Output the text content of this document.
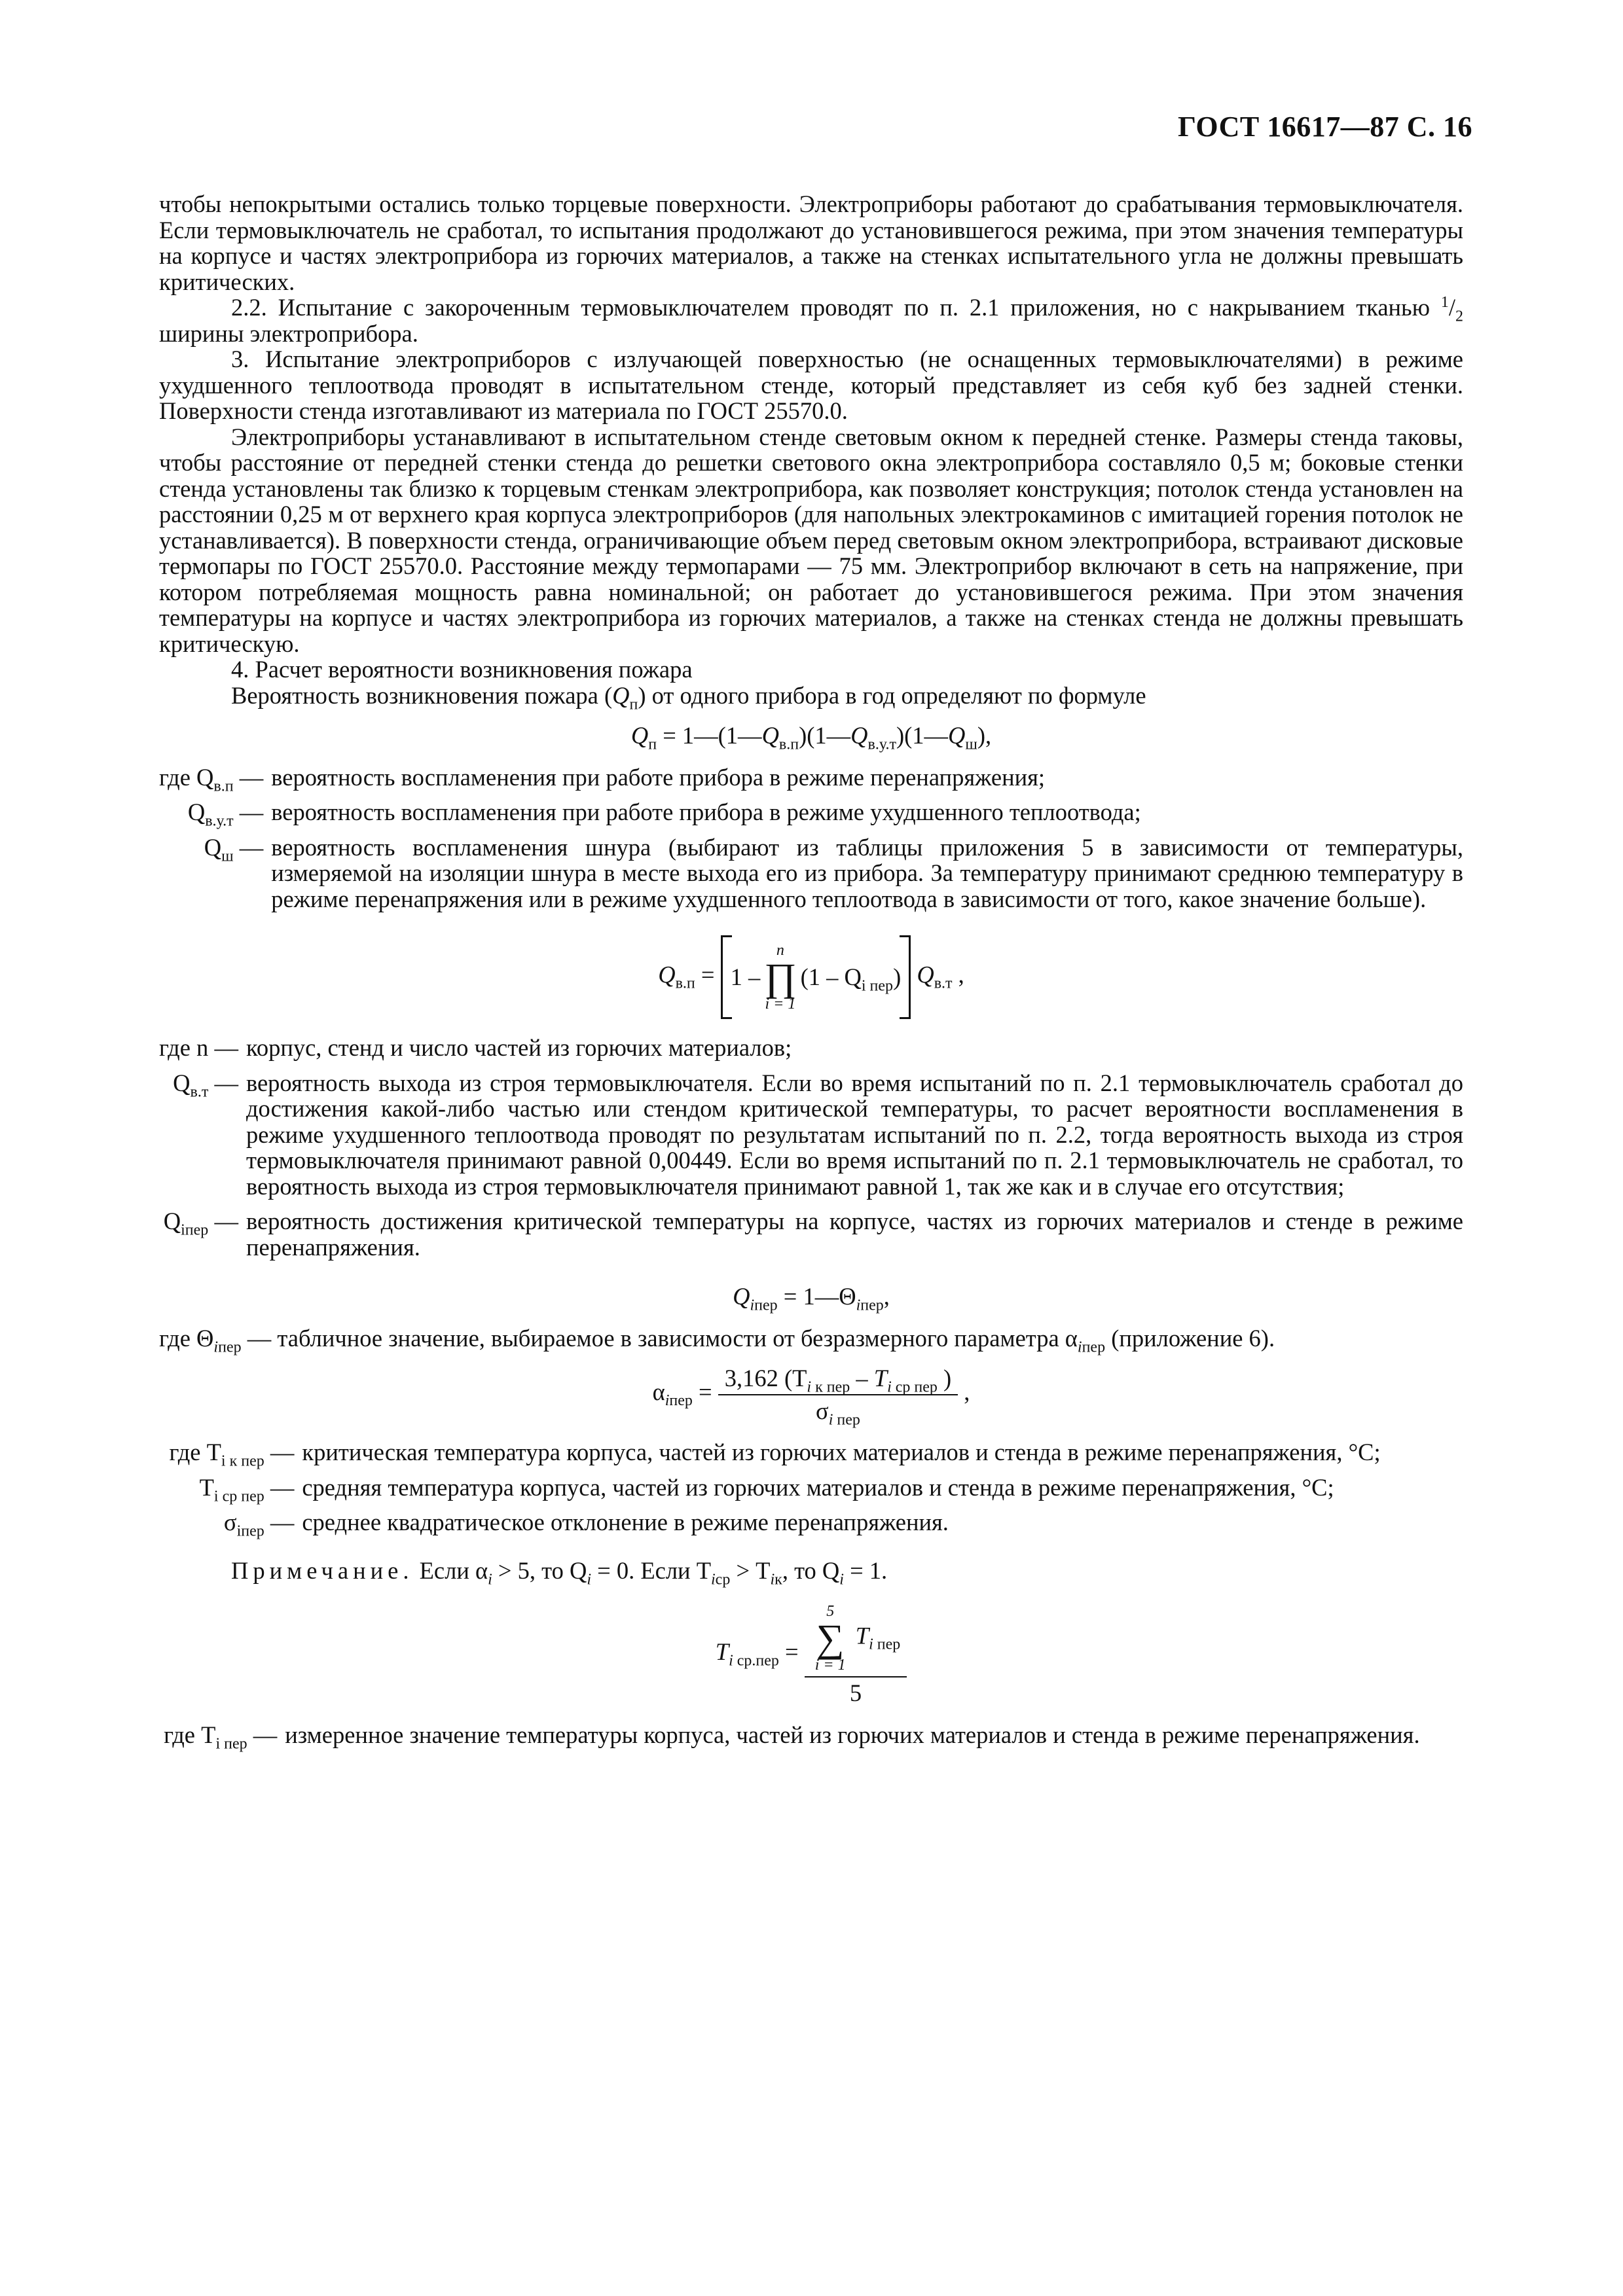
ГОСТ 16617—87 С. 16

чтобы непокрытыми остались только торцевые поверхности. Электроприборы работают до срабатывания термовыключателя. Если термовыключатель не сработал, то испытания продолжают до установившегося режима, при этом значения температуры на корпусе и частях электроприбора из горючих материалов, а также на стенках испытательного угла не должны превышать критических.

2.2. Испытание с закороченным термовыключателем проводят по п. 2.1 приложения, но с накрыванием тканью $^1/_2$ ширины электроприбора.

3. Испытание электроприборов с излучающей поверхностью (не оснащенных термовыключателями) в режиме ухудшенного теплоотвода проводят в испытательном стенде, который представляет из себя куб без задней стенки. Поверхности стенда изготавливают из материала по ГОСТ 25570.0.

Электроприборы устанавливают в испытательном стенде световым окном к передней стенке. Размеры стенда таковы, чтобы расстояние от передней стенки стенда до решетки светового окна электроприбора составляло 0,5 м; боковые стенки стенда установлены так близко к торцевым стенкам электроприбора, как позволяет конструкция; потолок стенда установлен на расстоянии 0,25 м от верхнего края корпуса электроприборов (для напольных электрокаминов с имитацией горения потолок не устанавливается). В поверхности стенда, ограничивающие объем перед световым окном электроприбора, встраивают дисковые термопары по ГОСТ 25570.0. Расстояние между термопарами — 75 мм. Электроприбор включают в сеть на напряжение, при котором потребляемая мощность равна номинальной; он работает до установившегося режима. При этом значения температуры на корпусе и частях электроприбора из горючих материалов, а также на стенках стенда не должны превышать критическую.

4. Расчет вероятности возникновения пожара

Вероятность возникновения пожара $(Q_п)$ от одного прибора в год определяют по формуле

$Q_п$ = $1—(1—Q_{в.п})(1—Q_{в.у.т})(1—Q_ш)$,

где $Q_{в.п}$ —	вероятность воспламенения при работе прибора в режиме перенапряжения;
$Q_{в.у.т}$ —	вероятность воспламенения при работе прибора в режиме ухудшенного теплоотвода;
$Q_ш$ —	вероятность воспламенения шнура (выбирают из таблицы приложения 5 в зависимости от температуры, измеряемой на изоляции шнура в месте выхода его из прибора. За температуру принимают среднюю температуру в режиме перенапряжения или в режиме ухудшенного теплоотвода в зависимости от того, какое значение больше).

$Q_{в.п} = 1$ –
n
∏
i = 1
$(1 - Q_{i пер})$ $Q_{в.т}$ ,

где n —	корпус, стенд и число частей из горючих материалов;
$Q_{в.т}$ —	вероятность выхода из строя термовыключателя. Если во время испытаний по п. 2.1 термовыключатель сработал до достижения какой-либо частью или стендом критической температуры, то расчет вероятности воспламенения в режиме ухудшенного теплоотвода проводят по результатам испытаний по п. 2.2, тогда вероятность выхода из строя термовыключателя принимают равной 0,00449. Если во время испытаний по п. 2.1 термовыключатель не сработал, то вероятность выхода из строя термовыключателя принимают равной 1, так же как и в случае его отсутствия;
$Q_{iпер}$ —	вероятность достижения критической температуры на корпусе, частях из горючих материалов и стенде в режиме перенапряжения.

$Q_{iпер}$ = $1—\Theta_{iпер}$,

где $\Theta_{iпер}$ — табличное значение, выбираемое в зависимости от безразмерного параметра $\alpha_{iпер}$ (приложение 6).

$\alpha_{iпер} = \frac{3,162 (T_{i к пер} - T_{i ср пер} )}{\sigma_{i пер}}$ ,

где $T_{i к пер}$ —	критическая температура корпуса, частей из горючих материалов и стенда в режиме перенапряжения, °С;
$T_{i ср пер}$ —	средняя температура корпуса, частей из горючих материалов и стенда в режиме перенапряжения, °С;
$\sigma_{iпер}$ —	среднее квадратическое отклонение в режиме перенапряжения.

Примечание. Если $\alpha_i > 5$, то $Q_i = 0$. Если $T_{iср} > T_{iк}$, то $Q_i = 1$.

$T_{i ср.пер}$ =
5
∑
i = 1
$T_{i пер}$
5

где $T_{i пер}$ —	измеренное значение температуры корпуса, частей из горючих материалов и стенда в режиме перенапряжения.
